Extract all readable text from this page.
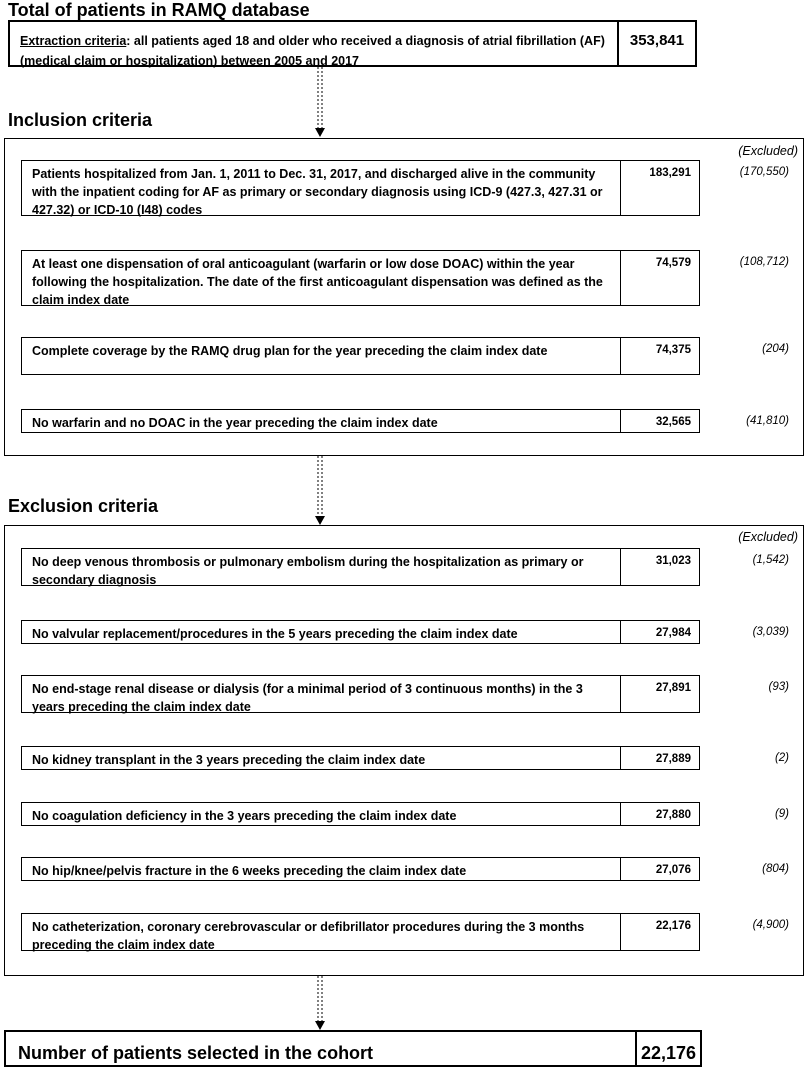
Total of patients in RAMQ database
Extraction criteria: all patients aged 18 and older who received a diagnosis of atrial fibrillation (AF) (medical claim or hospitalization) between 2005 and 2017
353,841
Inclusion criteria
(Excluded)
Patients hospitalized from Jan. 1, 2011 to Dec. 31, 2017, and discharged alive in the community with the inpatient coding for AF as primary or secondary diagnosis using ICD-9 (427.3, 427.31 or 427.32) or ICD-10 (I48) codes
183,291	(170,550)
At least one dispensation of oral anticoagulant (warfarin or low dose DOAC) within the year following the hospitalization. The date of the first anticoagulant dispensation was defined as the claim index date
74,579	(108,712)
Complete coverage by the RAMQ drug plan for the year preceding the claim index date	74,375	(204)
No warfarin and no DOAC in the year preceding the claim index date	32,565	(41,810)
Exclusion criteria
(Excluded)
No deep venous thrombosis or pulmonary embolism during the hospitalization as primary or secondary diagnosis
31,023	(1,542)
No valvular replacement/procedures in the 5 years preceding the claim index date	27,984	(3,039)
No end-stage renal disease or dialysis (for a minimal period of 3 continuous months) in the 3 years preceding the claim index date
27,891	(93)
No kidney transplant in the 3 years preceding the claim index date	27,889	(2)
No coagulation deficiency in the 3 years preceding the claim index date	27,880	(9)
No hip/knee/pelvis fracture in the 6 weeks preceding the claim index date	27,076	(804)
No catheterization, coronary cerebrovascular or defibrillator procedures during the 3 months preceding the claim index date
22,176	(4,900)
Number of patients selected in the cohort	22,176
